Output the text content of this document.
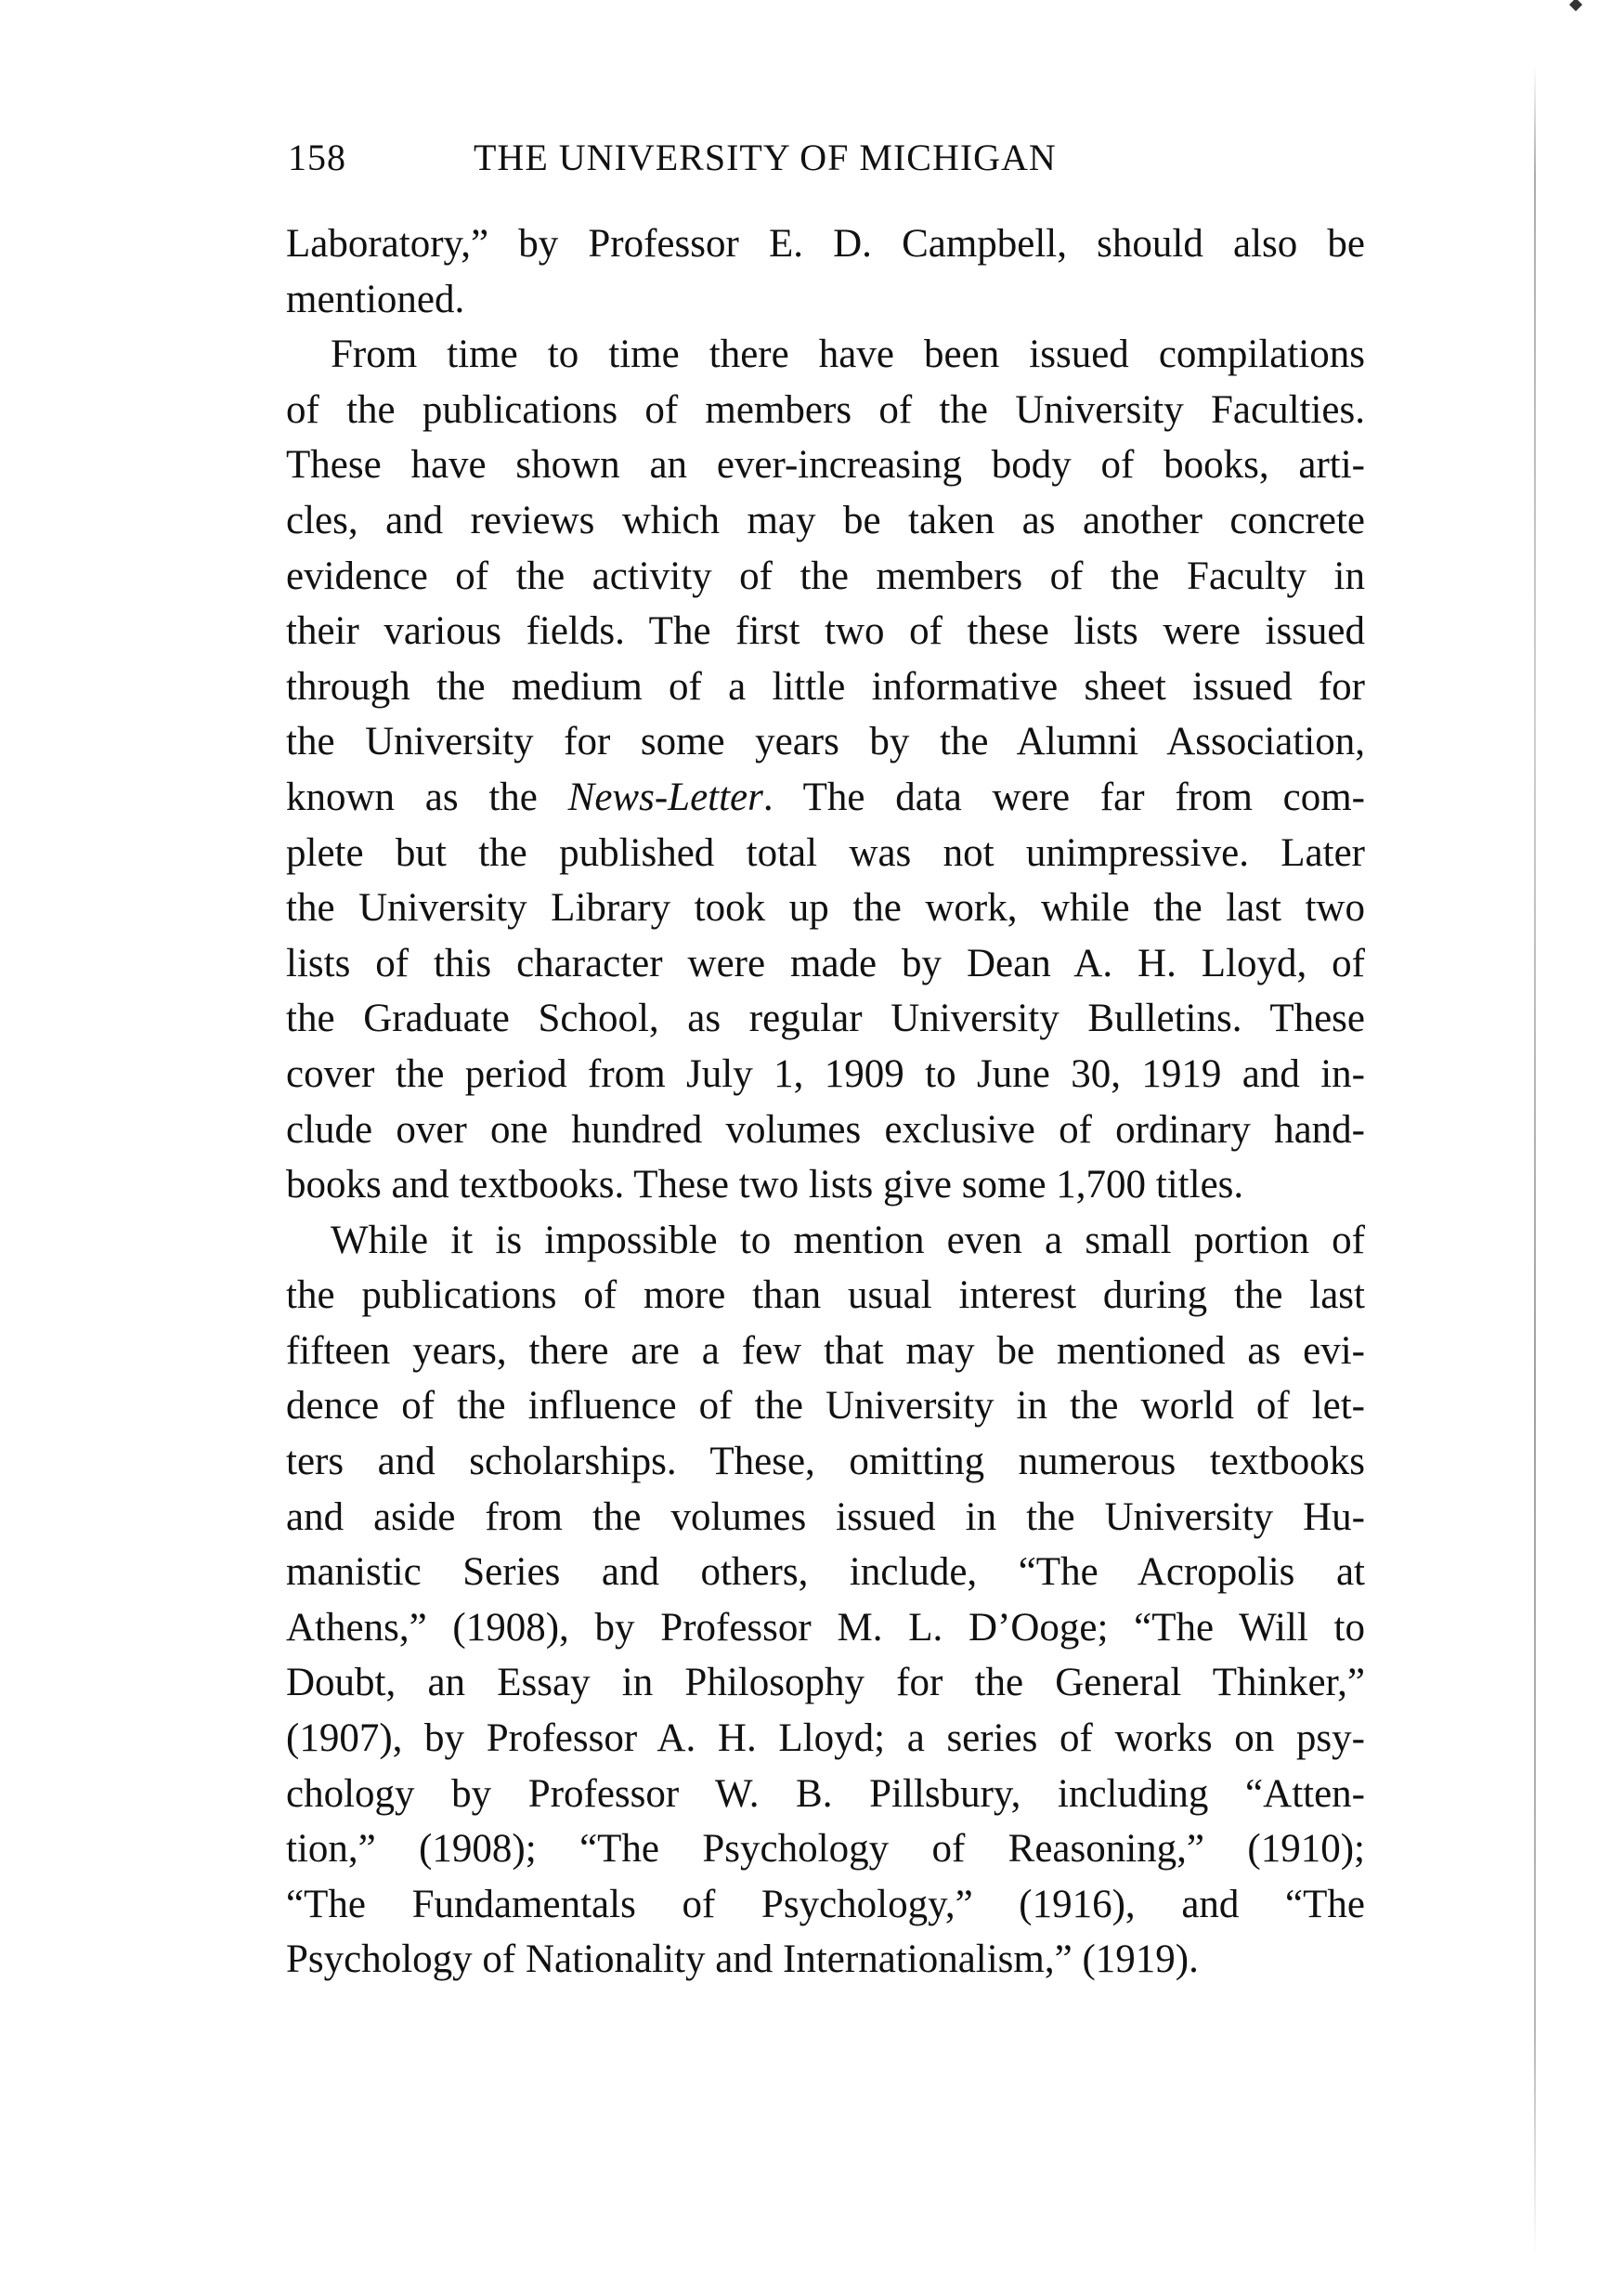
158	THE UNIVERSITY OF MICHIGAN
Laboratory,” by Professor E. D. Campbell, should also be
mentioned.
From time to time there have been issued compilations
of the publications of members of the University Faculties.
These have shown an ever-increasing body of books, arti-
cles, and reviews which may be taken as another concrete
evidence of the activity of the members of the Faculty in
their various fields. The first two of these lists were issued
through the medium of a little informative sheet issued for
the University for some years by the Alumni Association,
known as the News-Letter. The data were far from com-
plete but the published total was not unimpressive. Later
the University Library took up the work, while the last two
lists of this character were made by Dean A. H. Lloyd, of
the Graduate School, as regular University Bulletins. These
cover the period from July 1, 1909 to June 30, 1919 and in-
clude over one hundred volumes exclusive of ordinary hand-
books and textbooks. These two lists give some 1,700 titles.
While it is impossible to mention even a small portion of
the publications of more than usual interest during the last
fifteen years, there are a few that may be mentioned as evi-
dence of the influence of the University in the world of let-
ters and scholarships. These, omitting numerous textbooks
and aside from the volumes issued in the University Hu-
manistic Series and others, include, “The Acropolis at
Athens,” (1908), by Professor M. L. D’Ooge; “The Will to
Doubt, an Essay in Philosophy for the General Thinker,”
(1907), by Professor A. H. Lloyd; a series of works on psy-
chology by Professor W. B. Pillsbury, including “Atten-
tion,” (1908); “The Psychology of Reasoning,” (1910);
“The Fundamentals of Psychology,” (1916), and “The
Psychology of Nationality and Internationalism,” (1919).
